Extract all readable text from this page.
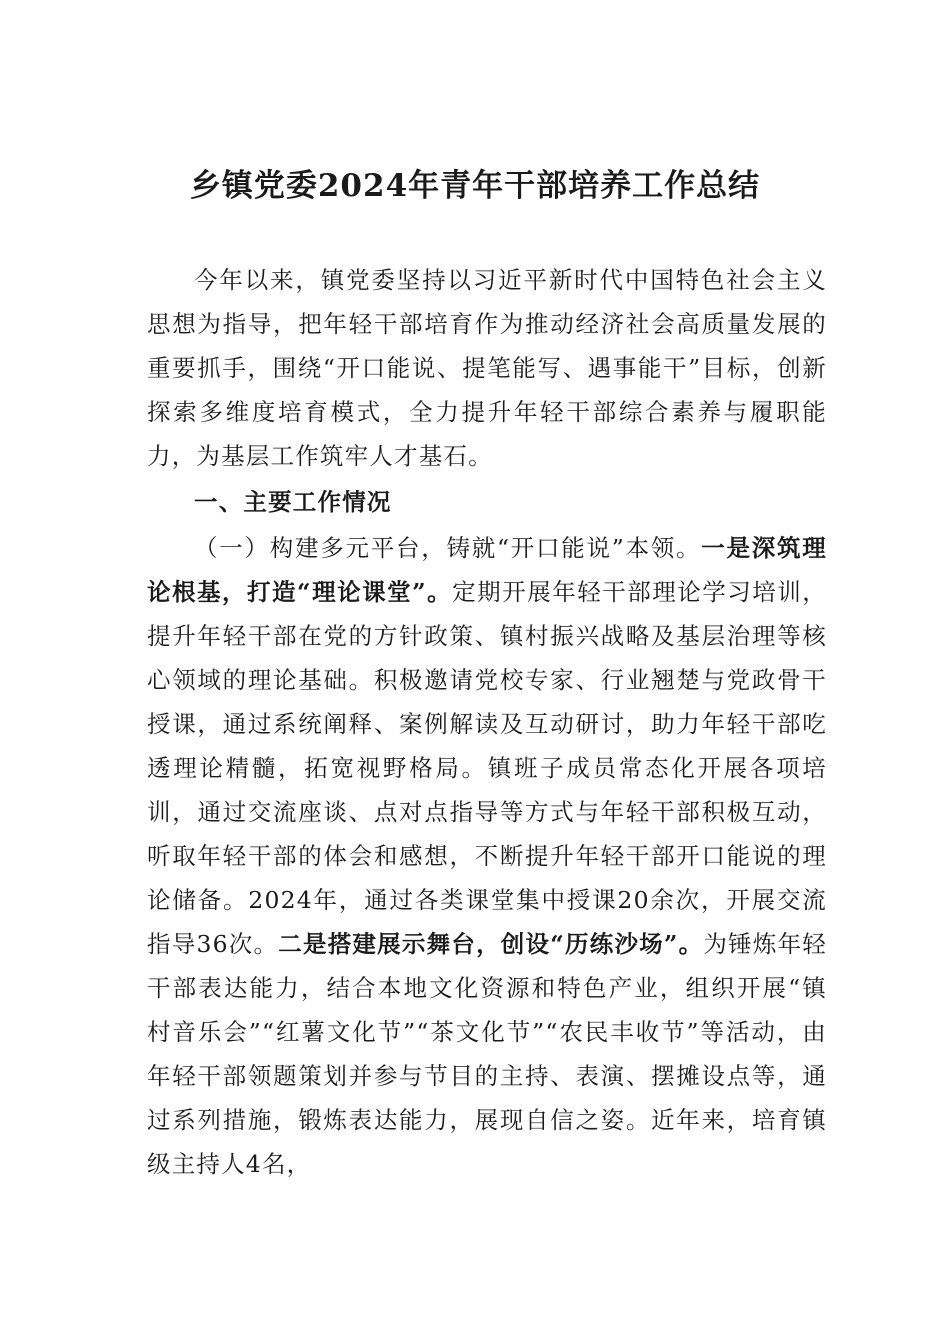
乡镇党委2024年青年干部培养工作总结
今年以来，镇党委坚持以习近平新时代中国特色社会主义思想为指导，把年轻干部培育作为推动经济社会高质量发展的重要抓手，围绕“开口能说、提笔能写、遇事能干”目标，创新探索多维度培育模式，全力提升年轻干部综合素养与履职能力，为基层工作筑牢人才基石。
一、主要工作情况
（一）构建多元平台，铸就“开口能说”本领。一是深筑理论根基，打造“理论课堂”。定期开展年轻干部理论学习培训，提升年轻干部在党的方针政策、镇村振兴战略及基层治理等核心领域的理论基础。积极邀请党校专家、行业翘楚与党政骨干授课，通过系统阐释、案例解读及互动研讨，助力年轻干部吃透理论精髓，拓宽视野格局。镇班子成员常态化开展各项培训，通过交流座谈、点对点指导等方式与年轻干部积极互动，听取年轻干部的体会和感想，不断提升年轻干部开口能说的理论储备。2024年，通过各类课堂集中授课20余次，开展交流指导36次。二是搭建展示舞台，创设“历练沙场”。为锤炼年轻干部表达能力，结合本地文化资源和特色产业，组织开展“镇村音乐会”“红薯文化节”“茶文化节”“农民丰收节”等活动，由年轻干部领题策划并参与节目的主持、表演、摆摊设点等，通过系列措施，锻炼表达能力，展现自信之姿。近年来，培育镇级主持人4名，
